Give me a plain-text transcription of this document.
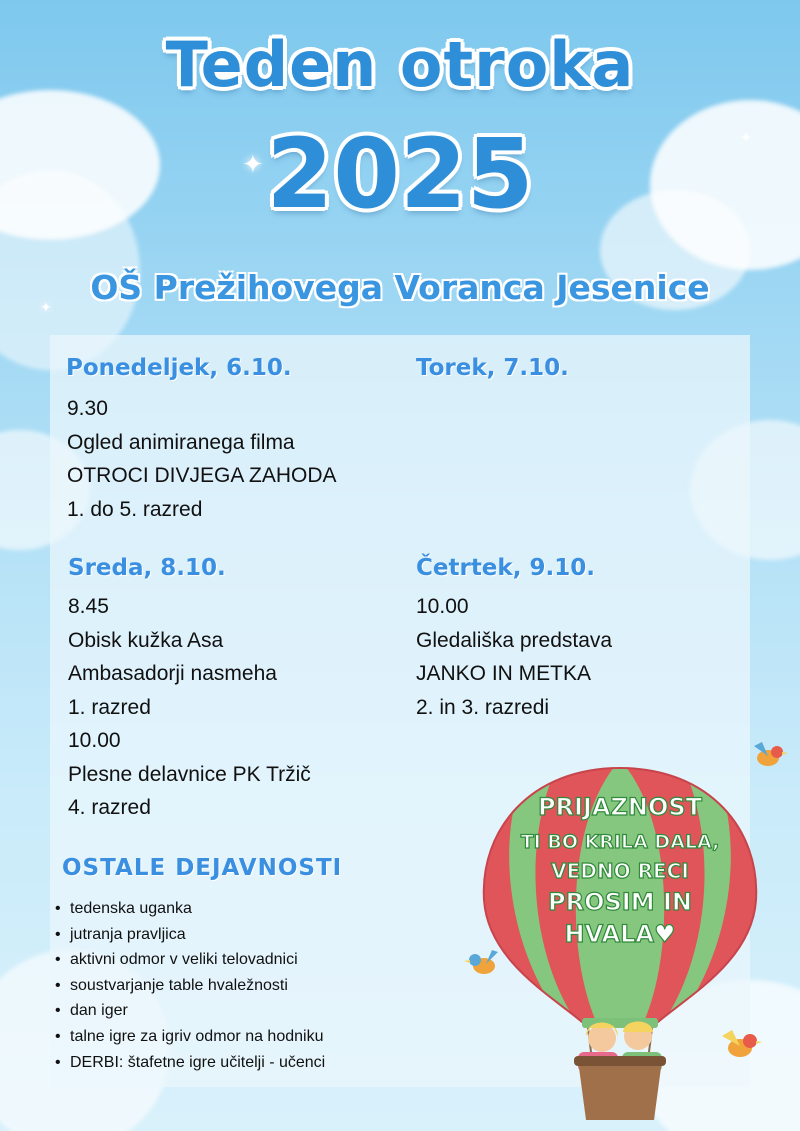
✦
✦
✦
Teden otroka
2025
OŠ Prežihovega Voranca Jesenice
Ponedeljek, 6.10.
9.30
Ogled animiranega filma
OTROCI DIVJEGA ZAHODA
1. do 5. razred
Torek, 7.10.
Sreda, 8.10.
8.45
Obisk kužka Asa
Ambasadorji nasmeha
1. razred
10.00
Plesne delavnice PK Tržič
4. razred
Četrtek, 9.10.
10.00
Gledališka predstava
JANKO IN METKA
2. in 3. razredi
OSTALE DEJAVNOSTI
• tedenska uganka
• jutranja pravljica
• aktivni odmor v veliki telovadnici
• soustvarjanje table hvaležnosti
• dan iger
• talne igre za igriv odmor na hodniku
• DERBI: štafetne igre učitelji - učenci
PRIJAZNOST
TI BO KRILA DALA,
VEDNO RECI
PROSIM IN
HVALA♥
